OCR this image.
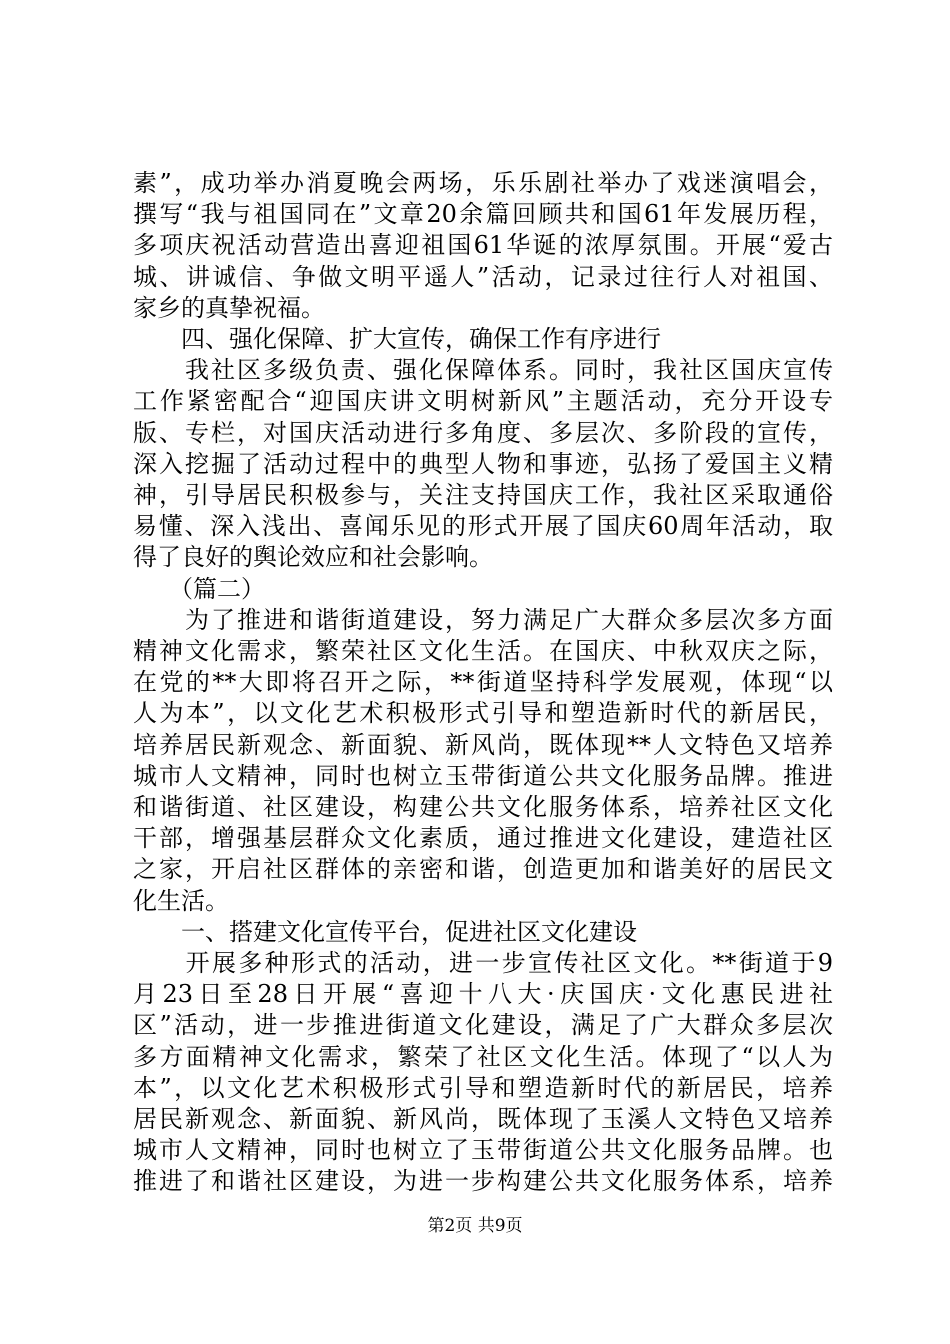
素”，成功举办消夏晚会两场，乐乐剧社举办了戏迷演唱会，
撰写“我与祖国同在”文章20余篇回顾共和国61年发展历程，
多项庆祝活动营造出喜迎祖国61华诞的浓厚氛围。开展“爱古
城、讲诚信、争做文明平遥人”活动，记录过往行人对祖国、
家乡的真挚祝福。
　　四、强化保障、扩大宣传，确保工作有序进行
　　我社区多级负责、强化保障体系。同时，我社区国庆宣传
工作紧密配合“迎国庆讲文明树新风”主题活动，充分开设专
版、专栏，对国庆活动进行多角度、多层次、多阶段的宣传，
深入挖掘了活动过程中的典型人物和事迹，弘扬了爱国主义精
神，引导居民积极参与，关注支持国庆工作，我社区采取通俗
易懂、深入浅出、喜闻乐见的形式开展了国庆60周年活动，取
得了良好的舆论效应和社会影响。
　　（篇二）
　　为了推进和谐街道建设，努力满足广大群众多层次多方面
精神文化需求，繁荣社区文化生活。在国庆、中秋双庆之际，
在党的**大即将召开之际，**街道坚持科学发展观，体现“以
人为本”，以文化艺术积极形式引导和塑造新时代的新居民，
培养居民新观念、新面貌、新风尚，既体现**人文特色又培养
城市人文精神，同时也树立玉带街道公共文化服务品牌。推进
和谐街道、社区建设，构建公共文化服务体系，培养社区文化
干部，增强基层群众文化素质，通过推进文化建设，建造社区
之家，开启社区群体的亲密和谐，创造更加和谐美好的居民文
化生活。
　　一、搭建文化宣传平台，促进社区文化建设
　　开展多种形式的活动，进一步宣传社区文化。**街道于9
月23日至28日开展“喜迎十八大·庆国庆·文化惠民进社
区”活动，进一步推进街道文化建设，满足了广大群众多层次
多方面精神文化需求，繁荣了社区文化生活。体现了“以人为
本”，以文化艺术积极形式引导和塑造新时代的新居民，培养
居民新观念、新面貌、新风尚，既体现了玉溪人文特色又培养
城市人文精神，同时也树立了玉带街道公共文化服务品牌。也
推进了和谐社区建设，为进一步构建公共文化服务体系，培养
第2页 共9页
